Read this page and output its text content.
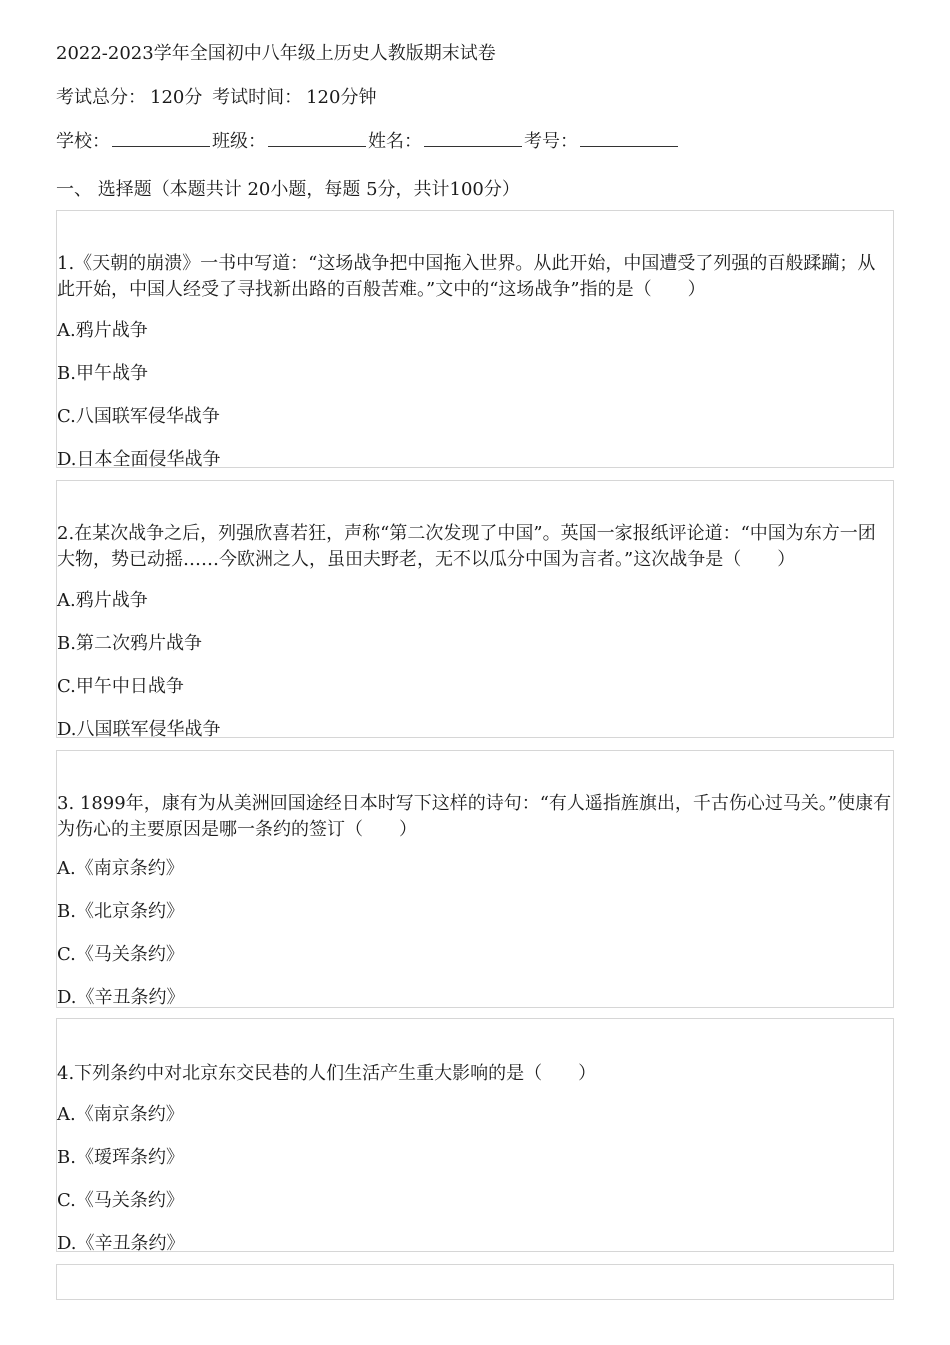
2022-2023学年全国初中八年级上历史人教版期末试卷
考试总分： 120分 考试时间： 120分钟
学校：	班级：	姓名：	考号：
一、 选择题（本题共计 20小题，每题 5分，共计100分）
1.《天朝的崩溃》一书中写道：“这场战争把中国拖入世界。从此开始，中国遭受了列强的百般蹂躏；从此开始，中国人经受了寻找新出路的百般苦难。”文中的“这场战争”指的是（　　）
A.鸦片战争
B.甲午战争
C.八国联军侵华战争
D.日本全面侵华战争
2.在某次战争之后，列强欣喜若狂，声称“第二次发现了中国”。英国一家报纸评论道：“中国为东方一团大物，势已动摇……今欧洲之人，虽田夫野老，无不以瓜分中国为言者。”这次战争是（　　）
A.鸦片战争
B.第二次鸦片战争
C.甲午中日战争
D.八国联军侵华战争
3. 1899年，康有为从美洲回国途经日本时写下这样的诗句：“有人遥指旌旗出，千古伤心过马关。”使康有为伤心的主要原因是哪一条约的签订（　　）
A.《南京条约》
B.《北京条约》
C.《马关条约》
D.《辛丑条约》
4.下列条约中对北京东交民巷的人们生活产生重大影响的是（　　）
A.《南京条约》
B.《瑷珲条约》
C.《马关条约》
D.《辛丑条约》
